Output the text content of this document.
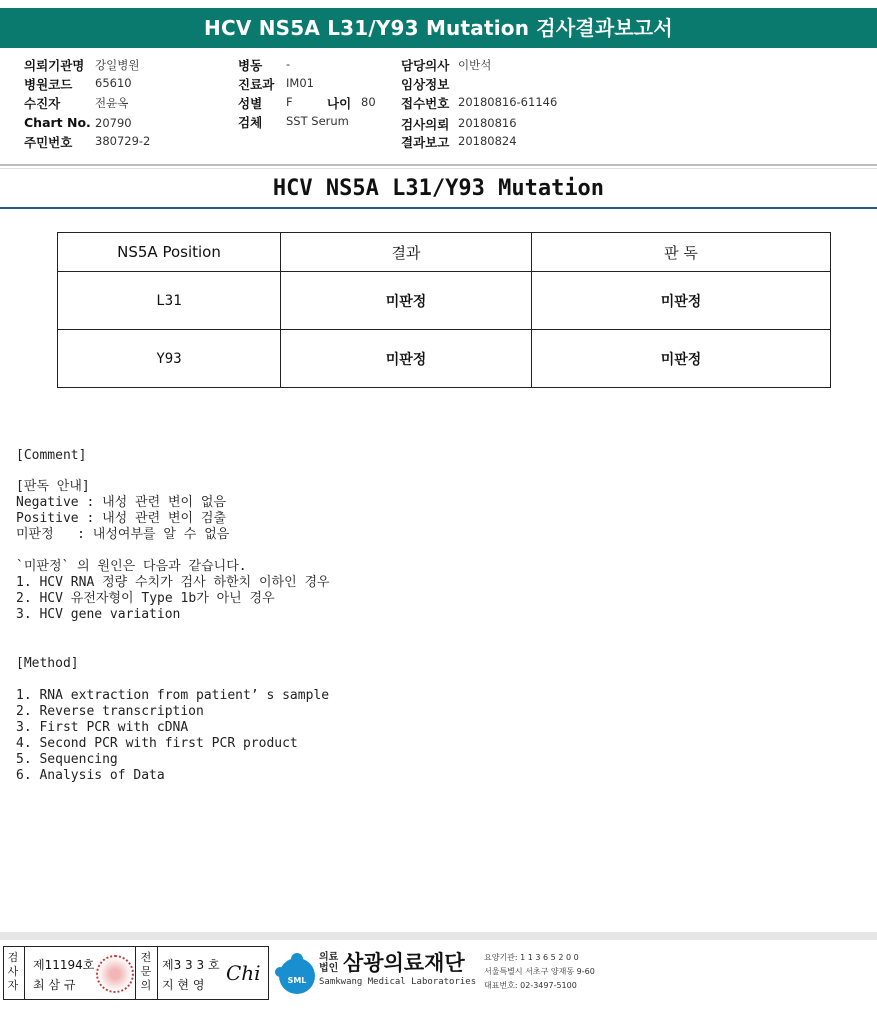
HCV NS5A L31/Y93 Mutation 검사결과보고서
의뢰기관명 강일병원
병원코드 65610
수진자	전윤옥
Chart No. 20790
주민번호 380729-2
병동 -
진료과 IM01
성별 F	나이 80
검체 SST Serum
담당의사 이반석
임상정보
접수번호 20180816-61146
검사의뢰 20180816
결과보고 20180824
HCV NS5A L31/Y93 Mutation
NS5A Position	결과	판 독
L31	미판정	미판정
Y93	미판정	미판정
[Comment]
[판독 안내]
Negative : 내성 관련 변이 없음
Positive : 내성 관련 변이 검출
미판정   : 내성여부를 알 수 없음
`미판정` 의 원인은 다음과 같습니다.
1. HCV RNA 정량 수치가 검사 하한치 이하인 경우
2. HCV 유전자형이 Type 1b가 아닌 경우
3. HCV gene variation
[Method]
1. RNA extraction from patient’ s sample
2. Reverse transcription
3. First PCR with cDNA
4. Second PCR with first PCR product
5. Sequencing
6. Analysis of Data
검
사
자
제11194호
최 삼 규
전
문
의
제3 3 3 호
지 현 영 Chi	SML
의료
법인 삼광의료재단
Samkwang Medical Laboratories
요양기관: 1 1 3 6 5 2 0 0
서울특별시 서초구 양재동 9-60
대표번호: 02-3497-5100
